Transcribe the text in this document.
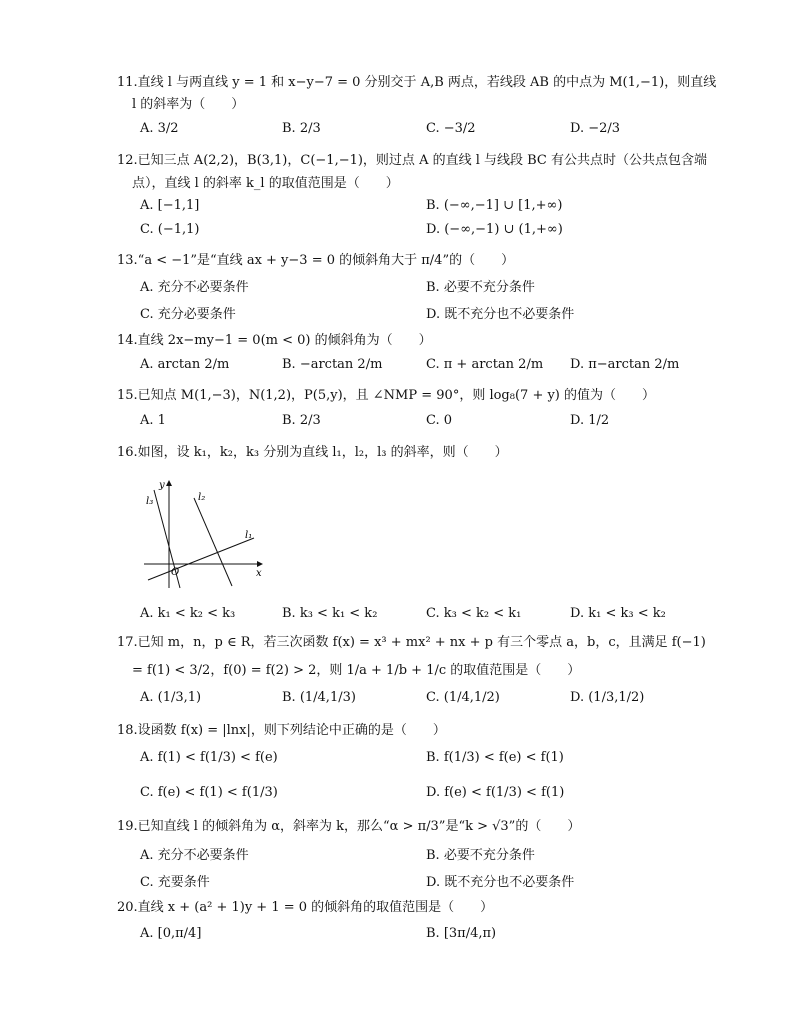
11.直线 l 与两直线 y = 1 和 x−y−7 = 0 分别交于 A,B 两点，若线段 AB 的中点为 M(1,−1)，则直线
l 的斜率为（　　）
A. 3/2	B. 2/3	C. −3/2	D. −2/3
12.已知三点 A(2,2)，B(3,1)，C(−1,−1)，则过点 A 的直线 l 与线段 BC 有公共点时（公共点包含端
点），直线 l 的斜率 k_l 的取值范围是（　　）
A. [−1,1]	B. (−∞,−1] ∪ [1,+∞)
C. (−1,1)	D. (−∞,−1) ∪ (1,+∞)
13.“a < −1”是“直线 ax + y−3 = 0 的倾斜角大于 π/4”的（　　）
A. 充分不必要条件	B. 必要不充分条件
C. 充分必要条件	D. 既不充分也不必要条件
14.直线 2x−my−1 = 0(m < 0) 的倾斜角为（　　）
A. arctan 2/m	B. −arctan 2/m	C. π + arctan 2/m D. π−arctan 2/m
15.已知点 M(1,−3)，N(1,2)，P(5,y)，且 ∠NMP = 90°，则 log₈(7 + y) 的值为（　　）
A. 1	B. 2/3	C. 0	D. 1/2
16.如图，设 k₁，k₂，k₃ 分别为直线 l₁，l₂，l₃ 的斜率，则（　　）
y
x
O
l₁
l₂
l₃
A. k₁ < k₂ < k₃	B. k₃ < k₁ < k₂	C. k₃ < k₂ < k₁	D. k₁ < k₃ < k₂
17.已知 m，n，p ∈ R，若三次函数 f(x) = x³ + mx² + nx + p 有三个零点 a，b，c，且满足 f(−1)
= f(1) < 3/2，f(0) = f(2) > 2，则 1/a + 1/b + 1/c 的取值范围是（　　）
A. (1/3,1)	B. (1/4,1/3)	C. (1/4,1/2)	D. (1/3,1/2)
18.设函数 f(x) = |lnx|，则下列结论中正确的是（　　）
A. f(1) < f(1/3) < f(e)	B. f(1/3) < f(e) < f(1)
C. f(e) < f(1) < f(1/3)	D. f(e) < f(1/3) < f(1)
19.已知直线 l 的倾斜角为 α，斜率为 k，那么“α > π/3”是“k > √3”的（　　）
A. 充分不必要条件	B. 必要不充分条件
C. 充要条件	D. 既不充分也不必要条件
20.直线 x + (a² + 1)y + 1 = 0 的倾斜角的取值范围是（　　）
A. [0,π/4]	B. [3π/4,π)
